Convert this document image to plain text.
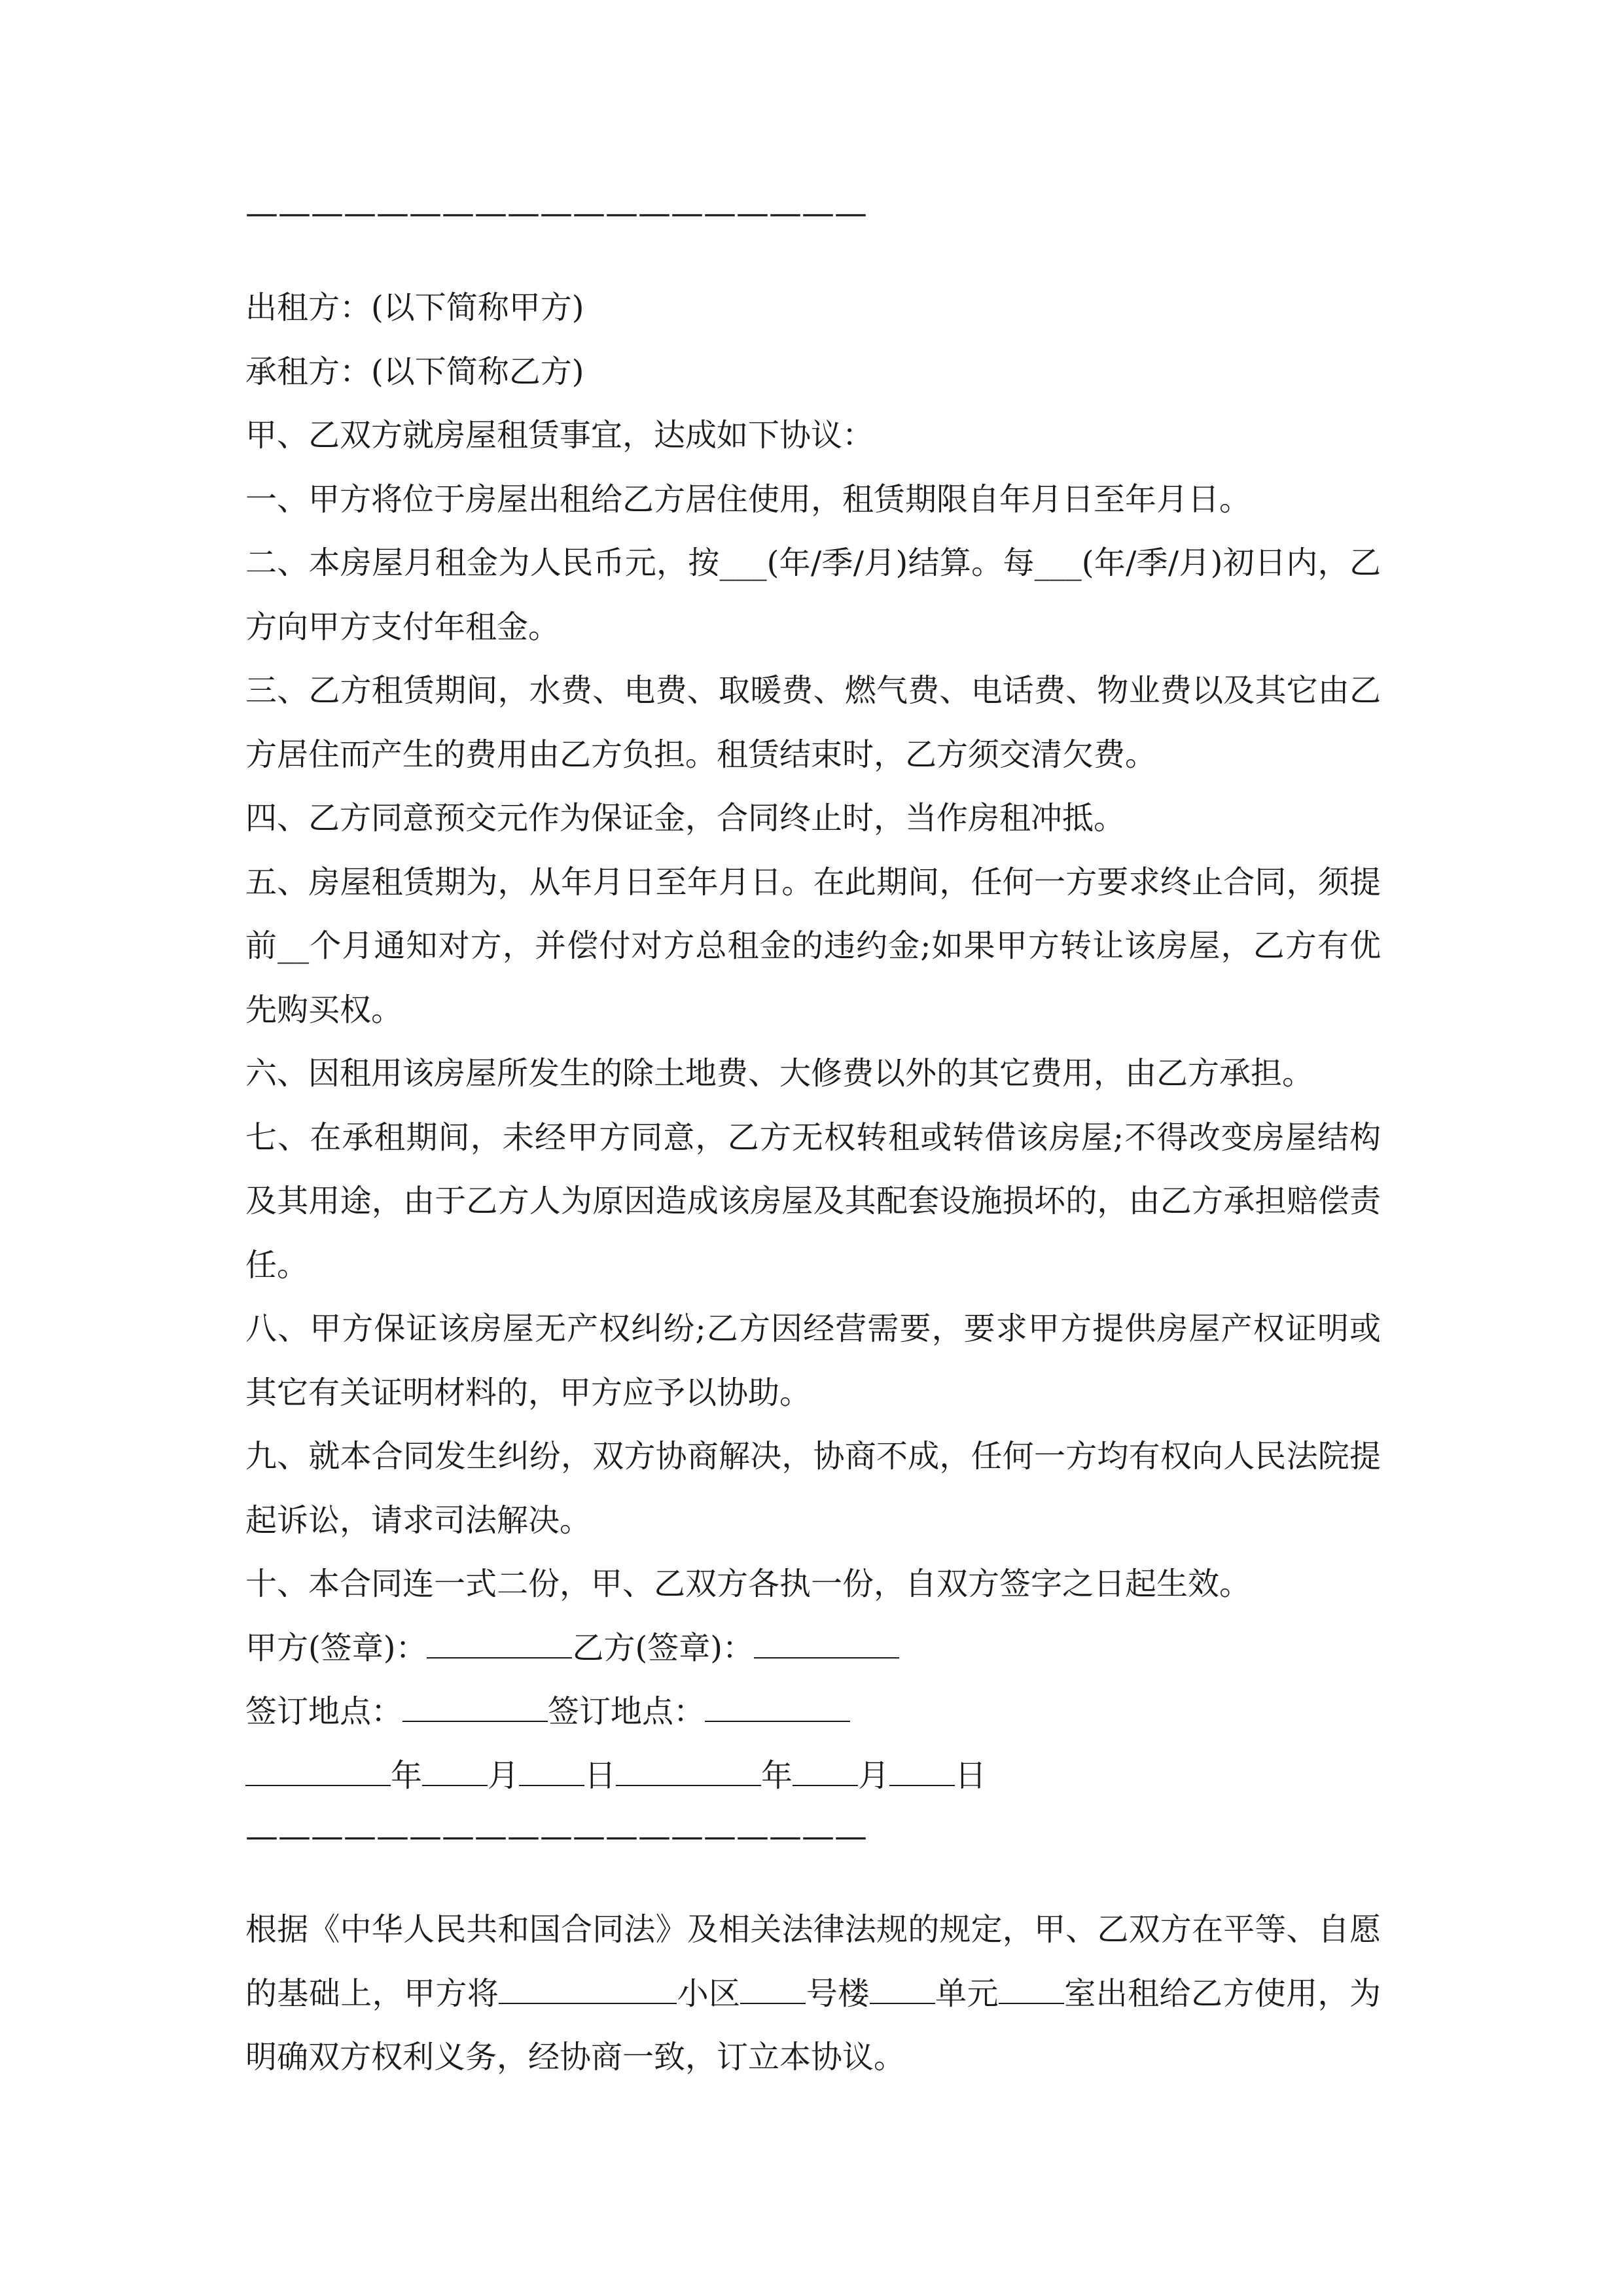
———————————————————

出租方：(以下简称甲方)

承租方：(以下简称乙方)

甲、乙双方就房屋租赁事宜，达成如下协议：

一、甲方将位于房屋出租给乙方居住使用，租赁期限自年月日至年月日。

二、本房屋月租金为人民币元，按___(年/季/月)结算。每___(年/季/月)初日内，乙方向甲方支付年租金。

三、乙方租赁期间，水费、电费、取暖费、燃气费、电话费、物业费以及其它由乙方居住而产生的费用由乙方负担。租赁结束时，乙方须交清欠费。

四、乙方同意预交元作为保证金，合同终止时，当作房租冲抵。

五、房屋租赁期为，从年月日至年月日。在此期间，任何一方要求终止合同，须提前__个月通知对方，并偿付对方总租金的违约金;如果甲方转让该房屋，乙方有优先购买权。

六、因租用该房屋所发生的除土地费、大修费以外的其它费用，由乙方承担。

七、在承租期间，未经甲方同意，乙方无权转租或转借该房屋;不得改变房屋结构及其用途，由于乙方人为原因造成该房屋及其配套设施损坏的，由乙方承担赔偿责任。

八、甲方保证该房屋无产权纠纷;乙方因经营需要，要求甲方提供房屋产权证明或其它有关证明材料的，甲方应予以协助。

九、就本合同发生纠纷，双方协商解决，协商不成，任何一方均有权向人民法院提起诉讼，请求司法解决。

十、本合同连一式二份，甲、乙双方各执一份，自双方签字之日起生效。

甲方(签章)：	乙方(签章)：

签订地点：	签订地点：

年 月 日	年 月 日

———————————————————

根据《中华人民共和国合同法》及相关法律法规的规定，甲、乙双方在平等、自愿的基础上，甲方将	小区 号楼 单元 室出租给乙方使用，为明确双方权利义务，经协商一致，订立本协议。
